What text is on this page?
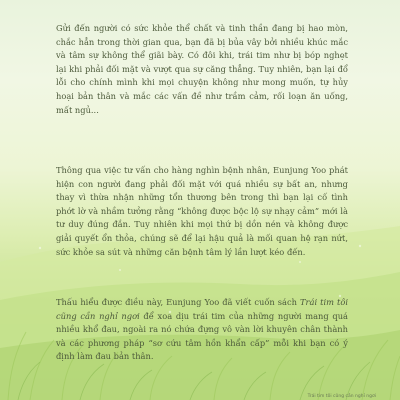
Gửi đến người có sức khỏe thể chất và tinh thần đang bị hao mòn, chắc hẳn trong thời gian qua, bạn đã bị bủa vây bởi nhiều khúc mắc và tâm sự không thể giãi bày. Có đôi khi, trái tim như bị bóp nghẹt lại khi phải đối mặt và vượt qua sự căng thẳng. Tuy nhiên, bạn lại đổ lỗi cho chính mình khi mọi chuyện không như mong muốn, tự hủy hoại bản thân và mắc các vấn đề như trầm cảm, rối loạn ăn uống, mất ngủ...

Thông qua việc tư vấn cho hàng nghìn bệnh nhân, Eunjung Yoo phát hiện con người đang phải đối mặt với quá nhiều sự bất an, nhưng thay vì thừa nhận những tổn thương bên trong thì bạn lại cố tình phớt lờ và nhầm tưởng rằng “không được bộc lộ sự nhạy cảm” mới là tư duy đúng đắn. Tuy nhiên khi mọi thứ bị dồn nén và không được giải quyết ổn thỏa, chúng sẽ để lại hậu quả là mối quan hệ rạn nứt, sức khỏe sa sút và những căn bệnh tâm lý lần lượt kéo đến.

Thấu hiểu được điều này, Eunjung Yoo đã viết cuốn sách Trái tim tôi cũng cần nghỉ ngơi để xoa dịu trái tim của những người mang quá nhiều khổ đau, ngoài ra nó chứa đựng vô vàn lời khuyên chân thành và các phương pháp “sơ cứu tâm hồn khẩn cấp” mỗi khi bạn có ý định làm đau bản thân.

Trái tim tôi cũng cần nghỉ ngơi
